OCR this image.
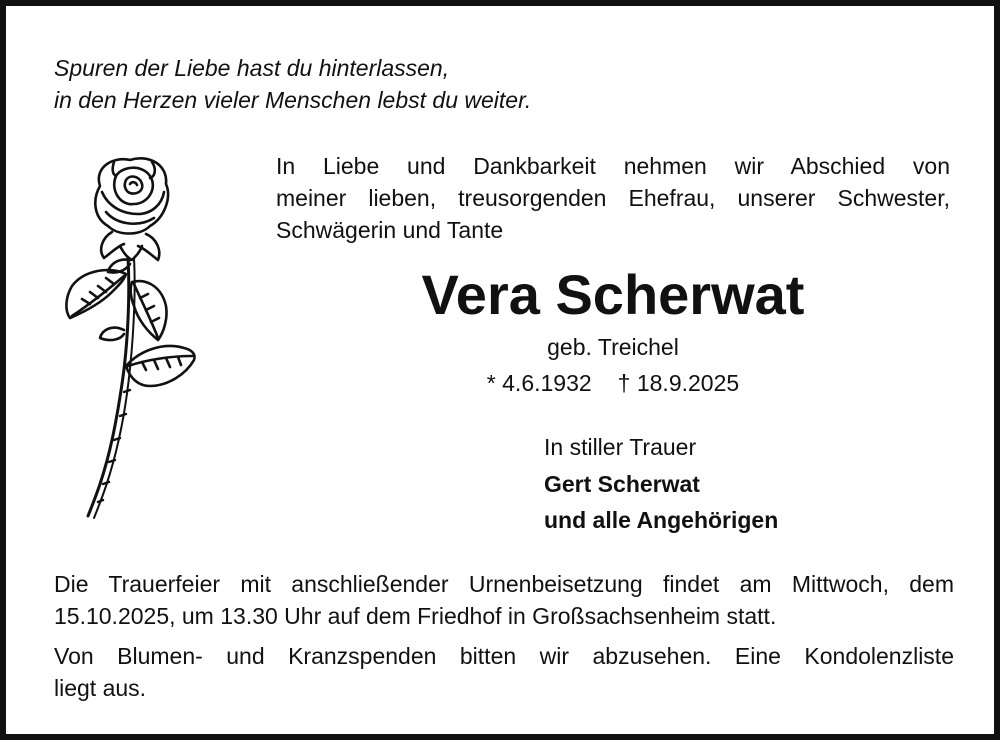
Spuren der Liebe hast du hinterlassen,
in den Herzen vieler Menschen lebst du weiter.
In Liebe und Dankbarkeit nehmen wir Abschied von
meiner lieben, treusorgenden Ehefrau, unserer Schwester,
Schwägerin und Tante
Vera Scherwat
geb. Treichel
* 4.6.1932 † 18.9.2025
In stiller Trauer
Gert Scherwat
und alle Angehörigen
Die Trauerfeier mit anschließender Urnenbeisetzung findet am Mittwoch, dem
15.10.2025, um 13.30 Uhr auf dem Friedhof in Großsachsenheim statt.
Von Blumen- und Kranzspenden bitten wir abzusehen. Eine Kondolenzliste
liegt aus.
